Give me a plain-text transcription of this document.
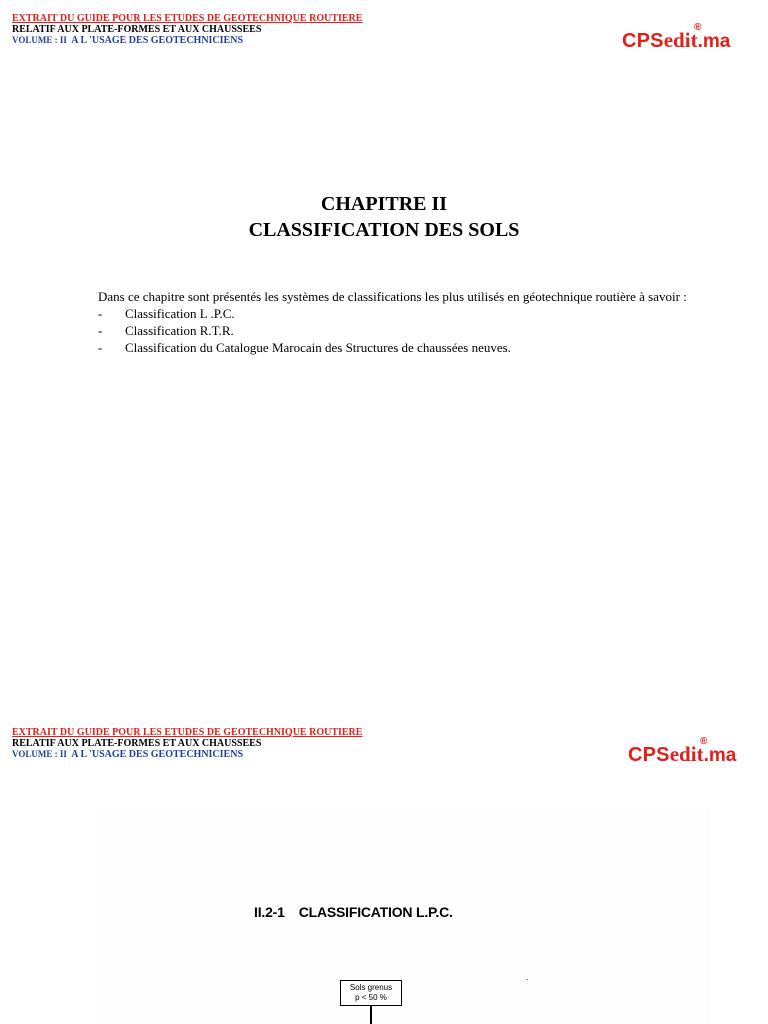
EXTRAIT DU GUIDE POUR LES ETUDES DE GEOTECHNIQUE ROUTIERE
RELATIF AUX PLATE-FORMES ET AUX CHAUSSEES
VOLUME : II A L 'USAGE DES GEOTECHNICIENS	CPSedit.ma
®
CHAPITRE II
CLASSIFICATION DES SOLS
Dans ce chapitre sont présentés les systèmes de classifications les plus utilisés en géotechnique routière à savoir :
- Classification L .P.C.
- Classification R.T.R.
- Classification du Catalogue Marocain des Structures de chaussées neuves.
EXTRAIT DU GUIDE POUR LES ETUDES DE GEOTECHNIQUE ROUTIERE
RELATIF AUX PLATE-FORMES ET AUX CHAUSSEES
VOLUME : II A L 'USAGE DES GEOTECHNICIENS	CPSedit.ma
®
II.2-1 CLASSIFICATION L.P.C.
Sols grenus
p < 50 %
